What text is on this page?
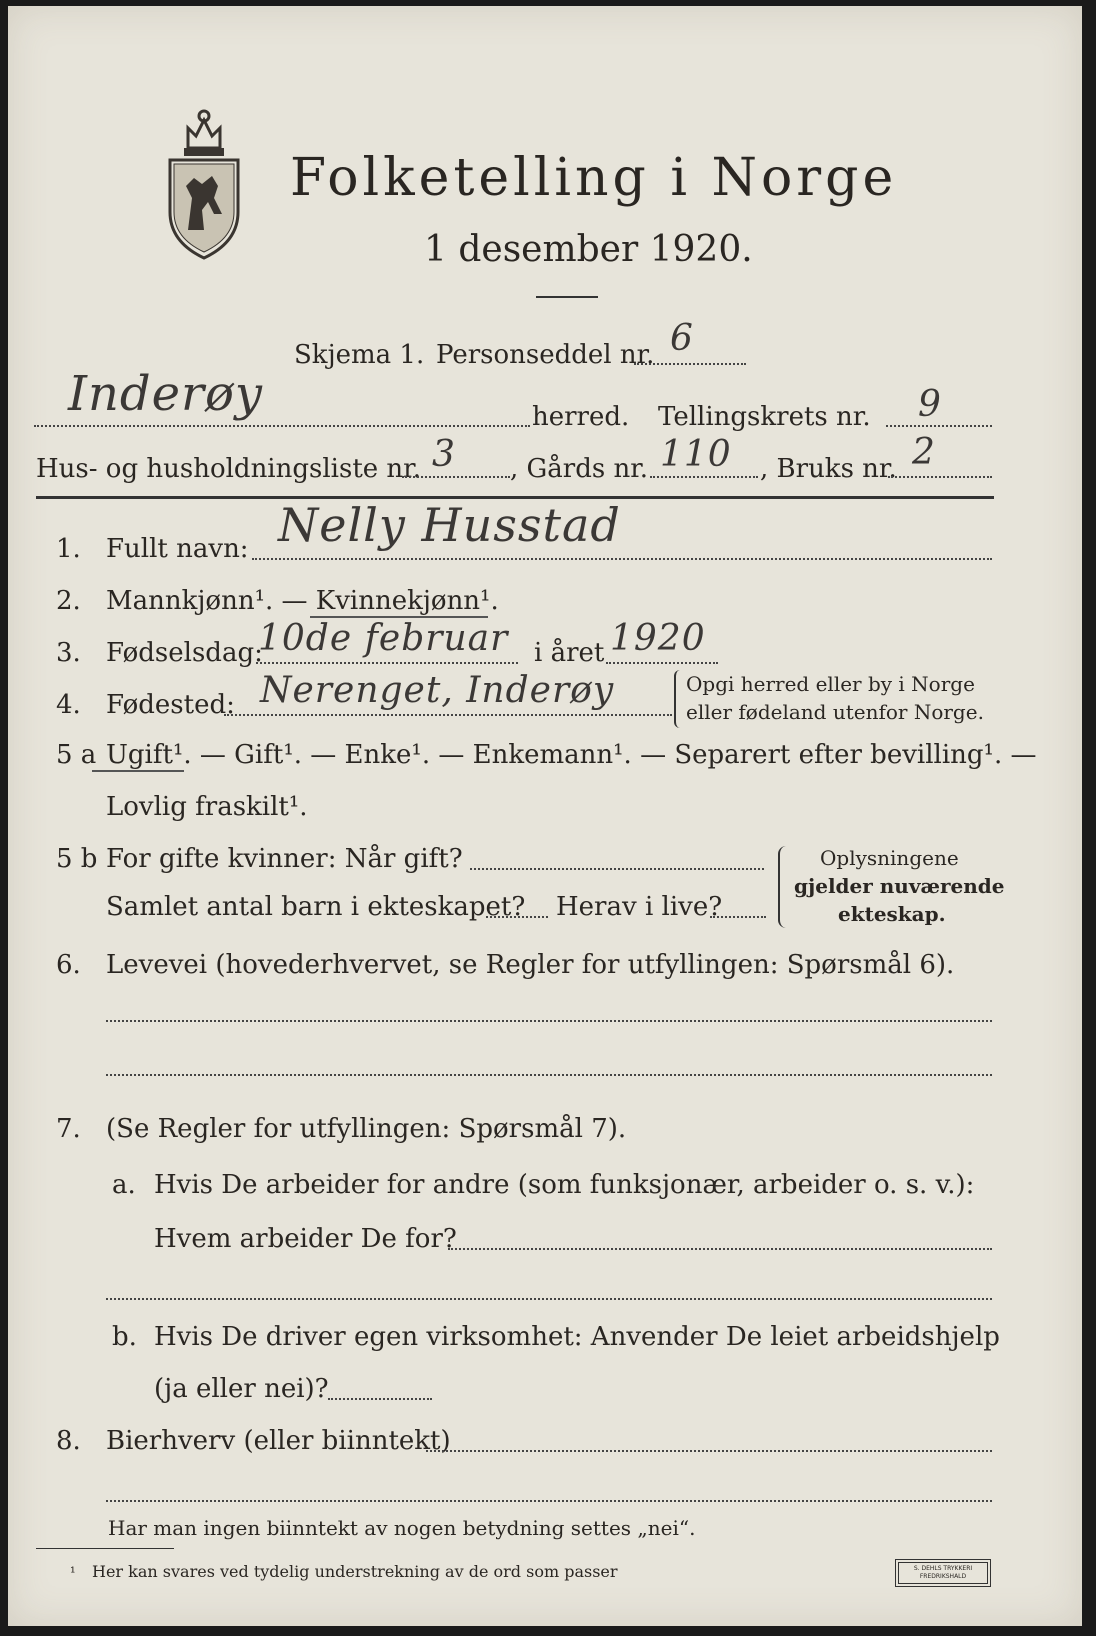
Folketelling i Norge
1 desember 1920.
Skjema 1. Personseddel nr. 6
Inderøy	herred. Tellingskrets nr. 9
Hus- og husholdningsliste nr. 3 , Gårds nr. 110 , Bruks nr. 2
1. Fullt navn: Nelly Husstad
2. Mannkjønn¹. — Kvinnekjønn¹.
3. Fødselsdag:
10de februar i året 1920
4. Fødested: Nerenget, Inderøy	Opgi herred eller by i Norge
eller fødeland utenfor Norge.
5 a Ugift¹. — Gift¹. — Enke¹. — Enkemann¹. — Separert efter bevilling¹. —
Lovlig fraskilt¹.
5 b For gifte kvinner: Når gift?
Samlet antal barn i ekteskapet? Herav i live?
Oplysningene
gjelder nuværende
ekteskap.
6. Levevei (hovederhvervet, se Regler for utfyllingen: Spørsmål 6).
7. (Se Regler for utfyllingen: Spørsmål 7).
a. Hvis De arbeider for andre (som funksjonær, arbeider o. s. v.):
Hvem arbeider De for?
b. Hvis De driver egen virksomhet: Anvender De leiet arbeidshjelp
(ja eller nei)?
8. Bierhverv (eller biinntekt)
Har man ingen biinntekt av nogen betydning settes „nei“.
¹ Her kan svares ved tydelig understrekning av de ord som passer	S. DEHLS TRYKKERI FREDRIKSHALD
